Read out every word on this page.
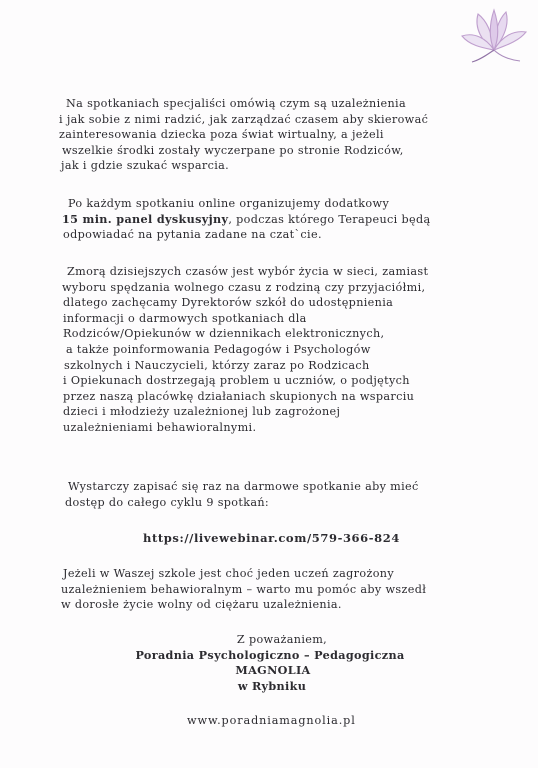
Na spotkaniach specjaliści omówią czym są uzależnienia
i jak sobie z nimi radzić, jak zarządzać czasem aby skierować
zainteresowania dziecka poza świat wirtualny, a jeżeli
wszelkie środki zostały wyczerpane po stronie Rodziców,
jak i gdzie szukać wsparcia.

Po każdym spotkaniu online organizujemy dodatkowy
15 min. panel dyskusyjny, podczas którego Terapeuci będą
odpowiadać na pytania zadane na czat`cie.

Zmorą dzisiejszych czasów jest wybór życia w sieci, zamiast
wyboru spędzania wolnego czasu z rodziną czy przyjaciółmi,
dlatego zachęcamy Dyrektorów szkół do udostępnienia
informacji o darmowych spotkaniach dla
Rodziców/Opiekunów w dziennikach elektronicznych,
a także poinformowania Pedagogów i Psychologów
szkolnych i Nauczycieli, którzy zaraz po Rodzicach
i Opiekunach dostrzegają problem u uczniów, o podjętych
przez naszą placówkę działaniach skupionych na wsparciu
dzieci i młodzieży uzależnionej lub zagrożonej
uzależnieniami behawioralnymi.

Wystarczy zapisać się raz na darmowe spotkanie aby mieć
dostęp do całego cyklu 9 spotkań:

https://livewebinar.com/579-366-824

Jeżeli w Waszej szkole jest choć jeden uczeń zagrożony
uzależnieniem behawioralnym – warto mu pomóc aby wszedł
w dorosłe życie wolny od ciężaru uzależnienia.

Z poważaniem,
Poradnia Psychologiczno – Pedagogiczna
MAGNOLIA
w Rybniku

www.poradniamagnolia.pl
